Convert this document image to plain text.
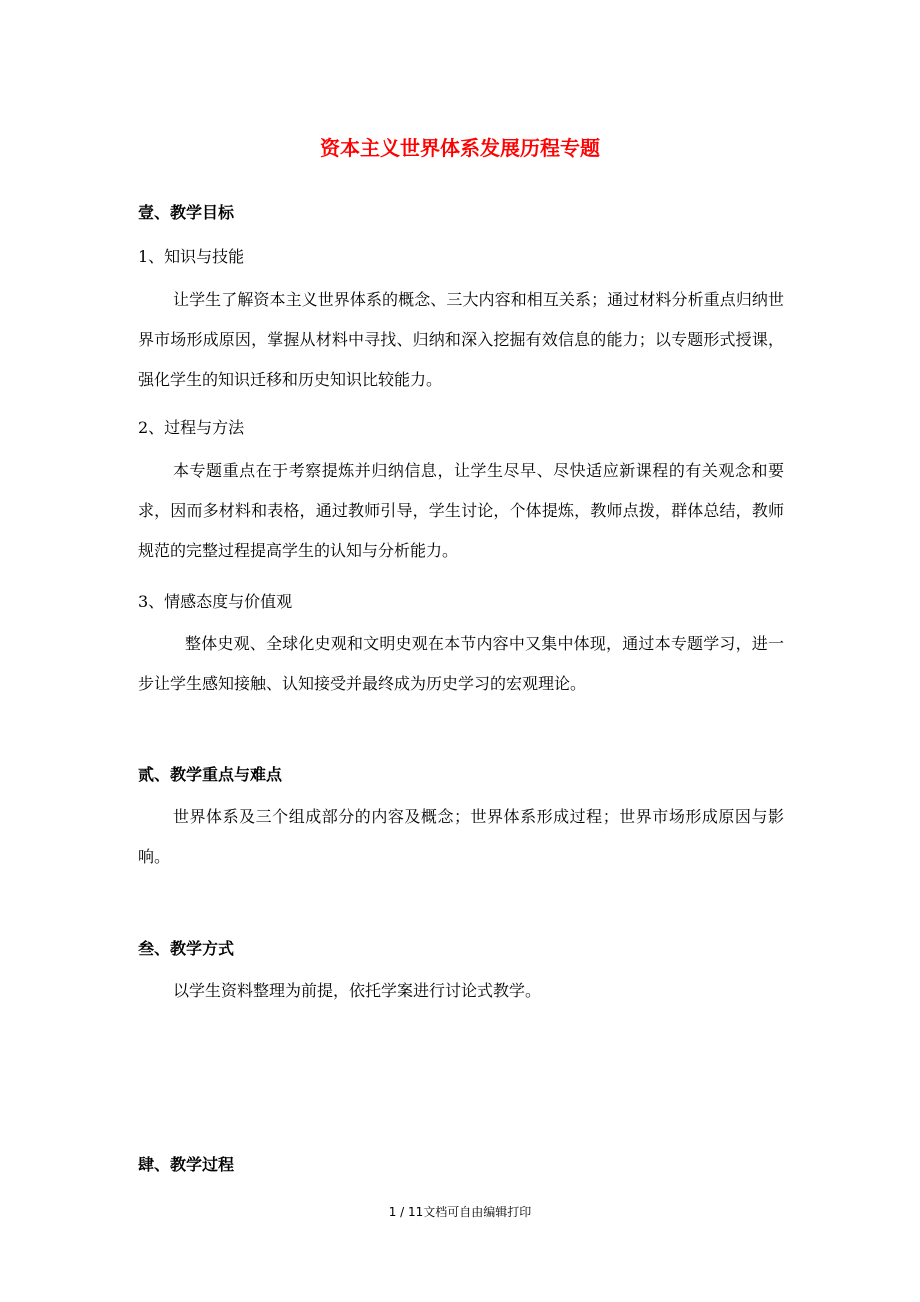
资本主义世界体系发展历程专题
壹、教学目标
1、知识与技能

让学生了解资本主义世界体系的概念、三大内容和相互关系；通过材料分析重点归纳世界市场形成原因，掌握从材料中寻找、归纳和深入挖掘有效信息的能力；以专题形式授课，强化学生的知识迁移和历史知识比较能力。

2、过程与方法

本专题重点在于考察提炼并归纳信息，让学生尽早、尽快适应新课程的有关观念和要求，因而多材料和表格，通过教师引导，学生讨论，个体提炼，教师点拨，群体总结，教师规范的完整过程提高学生的认知与分析能力。

3、情感态度与价值观

整体史观、全球化史观和文明史观在本节内容中又集中体现，通过本专题学习，进一步让学生感知接触、认知接受并最终成为历史学习的宏观理论。

贰、教学重点与难点

世界体系及三个组成部分的内容及概念；世界体系形成过程；世界市场形成原因与影响。

叁、教学方式

以学生资料整理为前提，依托学案进行讨论式教学。

肆、教学过程
1 / 11文档可自由编辑打印
